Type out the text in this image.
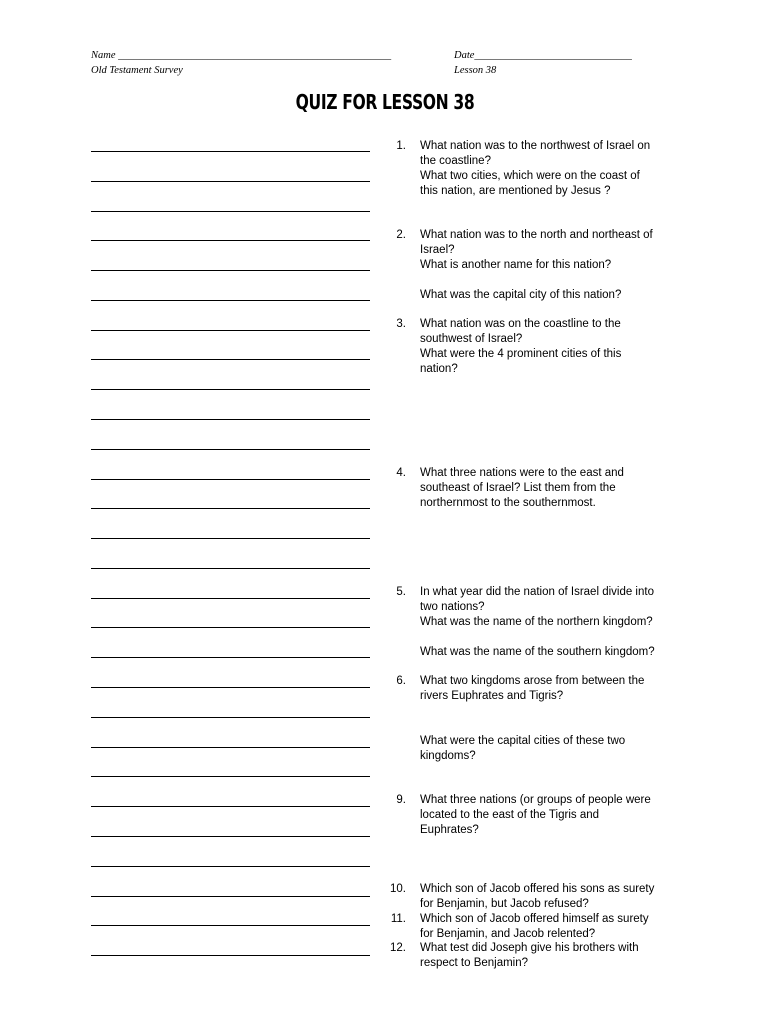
Name ____________________________________________________
Old Testament Survey
Date______________________________
Lesson 38
QUIZ FOR LESSON 38
1. What nation was to the northwest of Israel on
the coastline?
What two cities, which were on the coast of
this nation, are mentioned by Jesus ?
2. What nation was to the north and northeast of
Israel?
What is another name for this nation?
What was the capital city of this nation?
3. What nation was on the coastline to the
southwest of Israel?
What were the 4 prominent cities of this
nation?
4. What three nations were to the east and
southeast of Israel? List them from the
northernmost to the southernmost.
5. In what year did the nation of Israel divide into
two nations?
What was the name of the northern kingdom?
What was the name of the southern kingdom?
6. What two kingdoms arose from between the
rivers Euphrates and Tigris?
What were the capital cities of these two
kingdoms?
9. What three nations (or groups of people were
located to the east of the Tigris and
Euphrates?
10. Which son of Jacob offered his sons as surety
for Benjamin, but Jacob refused?
11. Which son of Jacob offered himself as surety
for Benjamin, and Jacob relented?
12. What test did Joseph give his brothers with
respect to Benjamin?
